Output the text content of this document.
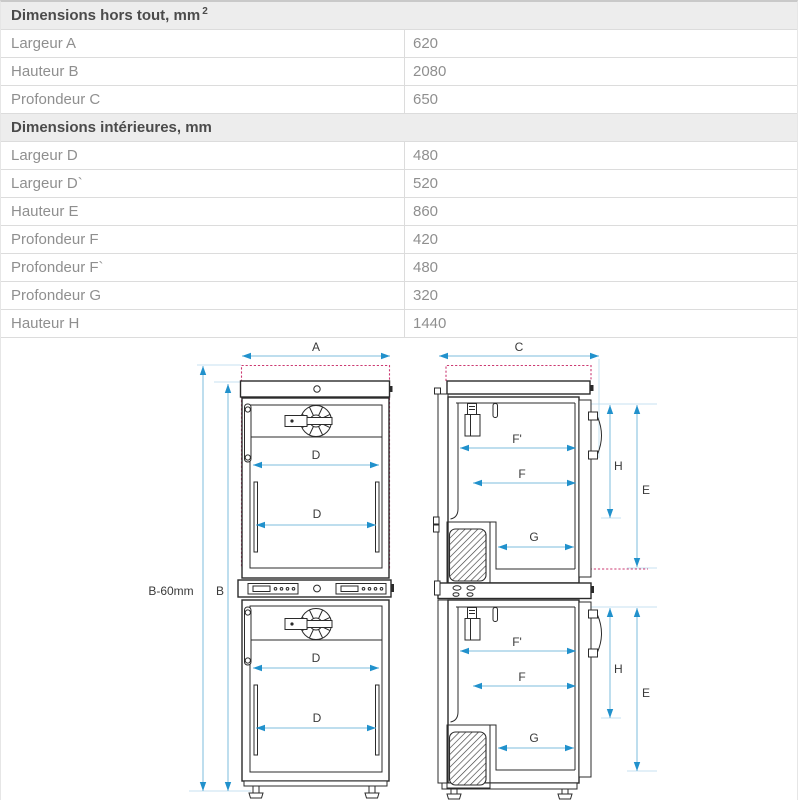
Dimensions hors tout, $mm^2$
Largeur A	620
Hauteur B	2080
Profondeur C	650
Dimensions intérieures, mm
Largeur D	480
Largeur D`	520
Hauteur E	860
Profondeur F	420
Profondeur F`	480
Profondeur G	320
Hauteur H	1440
D
D
D
D
A
B-60mm B
C
F'
F
G
H
E
F'
F
G
H
E
